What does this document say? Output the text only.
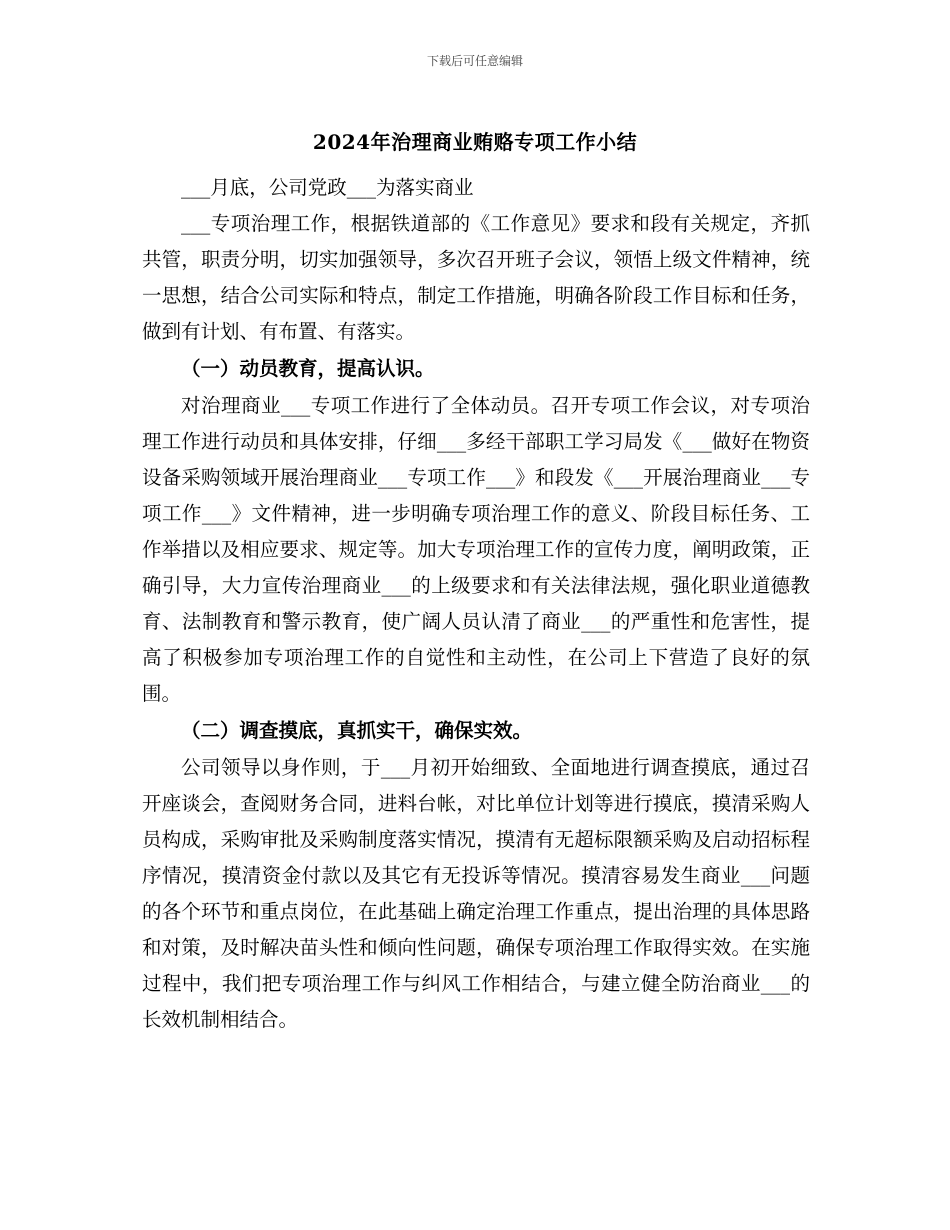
下载后可任意编辑
2024年治理商业贿赂专项工作小结

___月底，公司党政___为落实商业

___专项治理工作，根据铁道部的《工作意见》要求和段有关规定，齐抓共管，职责分明，切实加强领导，多次召开班子会议，领悟上级文件精神，统一思想，结合公司实际和特点，制定工作措施，明确各阶段工作目标和任务，做到有计划、有布置、有落实。

（一）动员教育，提高认识。

对治理商业___专项工作进行了全体动员。召开专项工作会议，对专项治理工作进行动员和具体安排，仔细___多经干部职工学习局发《___做好在物资设备采购领域开展治理商业___专项工作___》和段发《___开展治理商业___专项工作___》文件精神，进一步明确专项治理工作的意义、阶段目标任务、工作举措以及相应要求、规定等。加大专项治理工作的宣传力度，阐明政策，正确引导，大力宣传治理商业___的上级要求和有关法律法规，强化职业道德教育、法制教育和警示教育，使广阔人员认清了商业___的严重性和危害性，提高了积极参加专项治理工作的自觉性和主动性，在公司上下营造了良好的氛围。

（二）调查摸底，真抓实干，确保实效。

公司领导以身作则，于___月初开始细致、全面地进行调查摸底，通过召开座谈会，查阅财务合同，进料台帐，对比单位计划等进行摸底，摸清采购人员构成，采购审批及采购制度落实情况，摸清有无超标限额采购及启动招标程序情况，摸清资金付款以及其它有无投诉等情况。摸清容易发生商业___问题的各个环节和重点岗位，在此基础上确定治理工作重点，提出治理的具体思路和对策，及时解决苗头性和倾向性问题，确保专项治理工作取得实效。在实施过程中，我们把专项治理工作与纠风工作相结合，与建立健全防治商业___的长效机制相结合。
